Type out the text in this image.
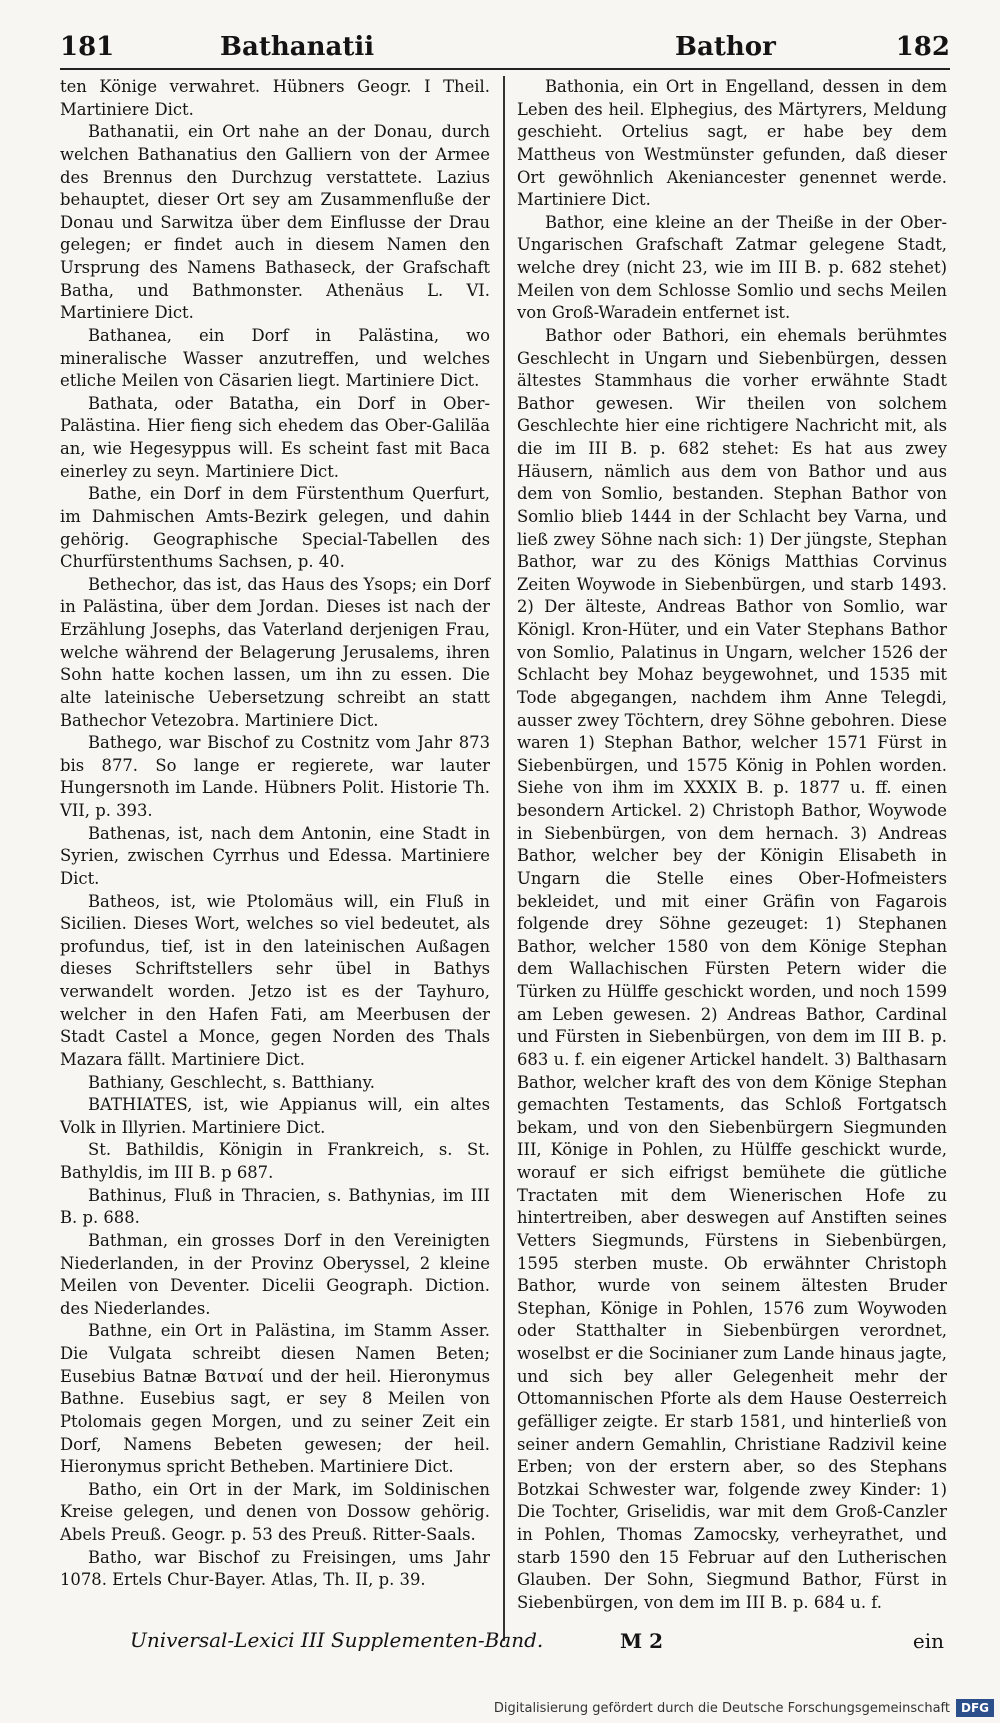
181	Bathanatii	Bathor	182

ten Könige verwahret. Hübners Geogr. I Theil. Martiniere Dict.

Bathanatii, ein Ort nahe an der Donau, durch welchen Bathanatius den Galliern von der Armee des Brennus den Durchzug verstattete. Lazius behauptet, dieser Ort sey am Zusammenfluße der Donau und Sarwitza über dem Einflusse der Drau gelegen; er findet auch in diesem Namen den Ursprung des Namens Bathaseck, der Grafschaft Batha, und Bathmonster. Athenäus L. VI. Martiniere Dict.

Bathanea, ein Dorf in Palästina, wo mineralische Wasser anzutreffen, und welches etliche Meilen von Cäsarien liegt. Martiniere Dict.

Bathata, oder Batatha, ein Dorf in Ober-Palästina. Hier fieng sich ehedem das Ober-Galiläa an, wie Hegesyppus will. Es scheint fast mit Baca einerley zu seyn. Martiniere Dict.

Bathe, ein Dorf in dem Fürstenthum Querfurt, im Dahmischen Amts-Bezirk gelegen, und dahin gehörig. Geographische Special-Tabellen des Churfürstenthums Sachsen, p. 40.

Bethechor, das ist, das Haus des Ysops; ein Dorf in Palästina, über dem Jordan. Dieses ist nach der Erzählung Josephs, das Vaterland derjenigen Frau, welche während der Belagerung Jerusalems, ihren Sohn hatte kochen lassen, um ihn zu essen. Die alte lateinische Uebersetzung schreibt an statt Bathechor Vetezobra. Martiniere Dict.

Bathego, war Bischof zu Costnitz vom Jahr 873 bis 877. So lange er regierete, war lauter Hungersnoth im Lande. Hübners Polit. Historie Th. VII, p. 393.

Bathenas, ist, nach dem Antonin, eine Stadt in Syrien, zwischen Cyrrhus und Edessa. Martiniere Dict.

Batheos, ist, wie Ptolomäus will, ein Fluß in Sicilien. Dieses Wort, welches so viel bedeutet, als profundus, tief, ist in den lateinischen Außagen dieses Schriftstellers sehr übel in Bathys verwandelt worden. Jetzo ist es der Tayhuro, welcher in den Hafen Fati, am Meerbusen der Stadt Castel a Monce, gegen Norden des Thals Mazara fällt. Martiniere Dict.

Bathiany, Geschlecht, s. Batthiany.

BATHIATES, ist, wie Appianus will, ein altes Volk in Illyrien. Martiniere Dict.

St. Bathildis, Königin in Frankreich, s. St. Bathyldis, im III B. p 687.

Bathinus, Fluß in Thracien, s. Bathynias, im III B. p. 688.

Bathman, ein grosses Dorf in den Vereinigten Niederlanden, in der Provinz Oberyssel, 2 kleine Meilen von Deventer. Dicelii Geograph. Diction. des Niederlandes.

Bathne, ein Ort in Palästina, im Stamm Asser. Die Vulgata schreibt diesen Namen Beten; Eusebius Batnæ Βατναί und der heil. Hieronymus Bathne. Eusebius sagt, er sey 8 Meilen von Ptolomais gegen Morgen, und zu seiner Zeit ein Dorf, Namens Bebeten gewesen; der heil. Hieronymus spricht Betheben. Martiniere Dict.

Batho, ein Ort in der Mark, im Soldinischen Kreise gelegen, und denen von Dossow gehörig. Abels Preuß. Geogr. p. 53 des Preuß. Ritter-Saals.

Batho, war Bischof zu Freisingen, ums Jahr 1078. Ertels Chur-Bayer. Atlas, Th. II, p. 39.

Bathonia, ein Ort in Engelland, dessen in dem Leben des heil. Elphegius, des Märtyrers, Meldung geschieht. Ortelius sagt, er habe bey dem Mattheus von Westmünster gefunden, daß dieser Ort gewöhnlich Akeniancester genennet werde. Martiniere Dict.

Bathor, eine kleine an der Theiße in der Ober-Ungarischen Grafschaft Zatmar gelegene Stadt, welche drey (nicht 23, wie im III B. p. 682 stehet) Meilen von dem Schlosse Somlio und sechs Meilen von Groß-Waradein entfernet ist.

Bathor oder Bathori, ein ehemals berühmtes Geschlecht in Ungarn und Siebenbürgen, dessen ältestes Stammhaus die vorher erwähnte Stadt Bathor gewesen. Wir theilen von solchem Geschlechte hier eine richtigere Nachricht mit, als die im III B. p. 682 stehet: Es hat aus zwey Häusern, nämlich aus dem von Bathor und aus dem von Somlio, bestanden. Stephan Bathor von Somlio blieb 1444 in der Schlacht bey Varna, und ließ zwey Söhne nach sich: 1) Der jüngste, Stephan Bathor, war zu des Königs Matthias Corvinus Zeiten Woywode in Siebenbürgen, und starb 1493. 2) Der älteste, Andreas Bathor von Somlio, war Königl. Kron-Hüter, und ein Vater Stephans Bathor von Somlio, Palatinus in Ungarn, welcher 1526 der Schlacht bey Mohaz beygewohnet, und 1535 mit Tode abgegangen, nachdem ihm Anne Telegdi, ausser zwey Töchtern, drey Söhne gebohren. Diese waren 1) Stephan Bathor, welcher 1571 Fürst in Siebenbürgen, und 1575 König in Pohlen worden. Siehe von ihm im XXXIX B. p. 1877 u. ff. einen besondern Artickel. 2) Christoph Bathor, Woywode in Siebenbürgen, von dem hernach. 3) Andreas Bathor, welcher bey der Königin Elisabeth in Ungarn die Stelle eines Ober-Hofmeisters bekleidet, und mit einer Gräfin von Fagarois folgende drey Söhne gezeuget: 1) Stephanen Bathor, welcher 1580 von dem Könige Stephan dem Wallachischen Fürsten Petern wider die Türken zu Hülffe geschickt worden, und noch 1599 am Leben gewesen. 2) Andreas Bathor, Cardinal und Fürsten in Siebenbürgen, von dem im III B. p. 683 u. f. ein eigener Artickel handelt. 3) Balthasarn Bathor, welcher kraft des von dem Könige Stephan gemachten Testaments, das Schloß Fortgatsch bekam, und von den Siebenbürgern Siegmunden III, Könige in Pohlen, zu Hülffe geschickt wurde, worauf er sich eifrigst bemühete die gütliche Tractaten mit dem Wienerischen Hofe zu hintertreiben, aber deswegen auf Anstiften seines Vetters Siegmunds, Fürstens in Siebenbürgen, 1595 sterben muste. Ob erwähnter Christoph Bathor, wurde von seinem ältesten Bruder Stephan, Könige in Pohlen, 1576 zum Woywoden oder Statthalter in Siebenbürgen verordnet, woselbst er die Socinianer zum Lande hinaus jagte, und sich bey aller Gelegenheit mehr der Ottomannischen Pforte als dem Hause Oesterreich gefälliger zeigte. Er starb 1581, und hinterließ von seiner andern Gemahlin, Christiane Radzivil keine Erben; von der erstern aber, so des Stephans Botzkai Schwester war, folgende zwey Kinder: 1) Die Tochter, Griselidis, war mit dem Groß-Canzler in Pohlen, Thomas Zamocsky, verheyrathet, und starb 1590 den 15 Februar auf den Lutherischen Glauben. Der Sohn, Siegmund Bathor, Fürst in Siebenbürgen, von dem im III B. p. 684 u. f.

Universal-Lexici III Supplementen-Band.	M 2	ein
Digitalisierung gefördert durch die Deutsche Forschungsgemeinschaft DFG
